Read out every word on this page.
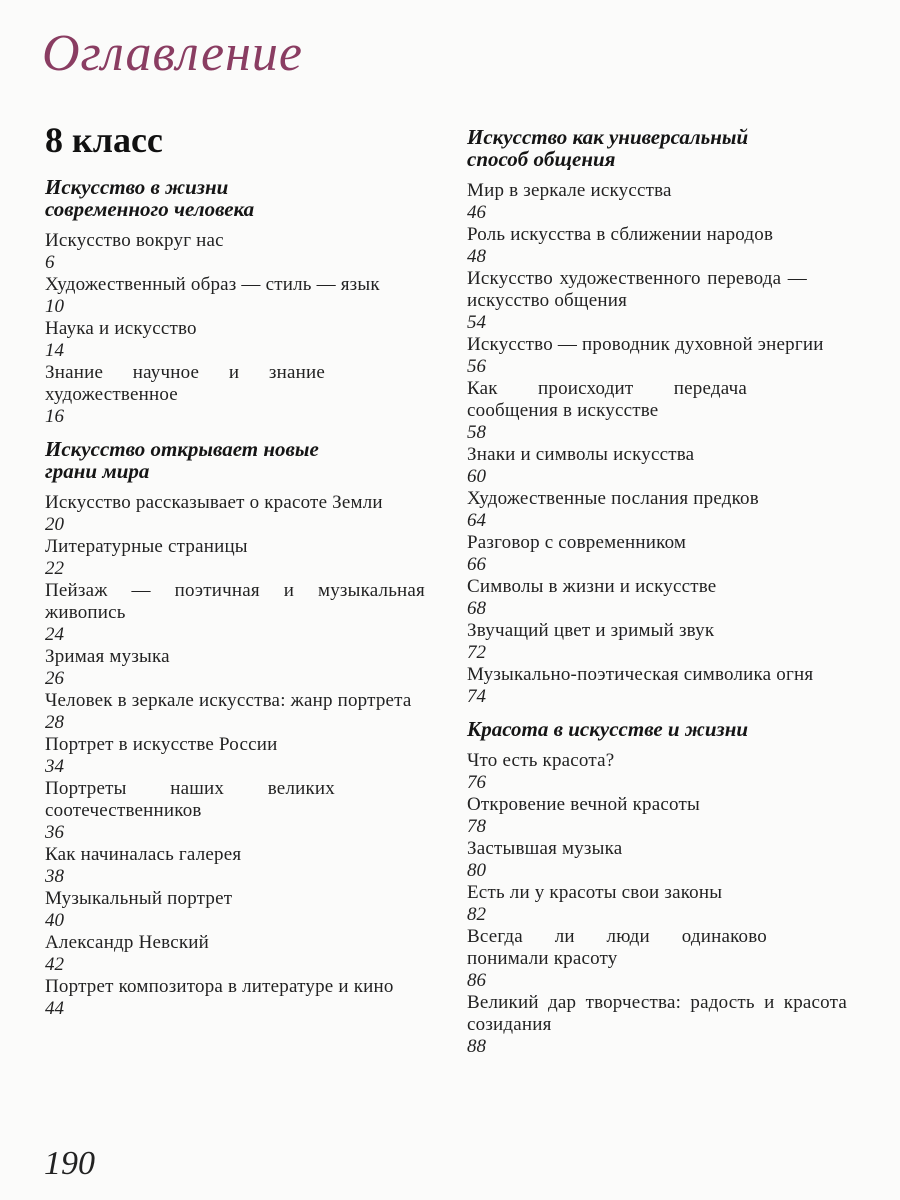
Оглавление
8 класс
Искусство в жизни современного человека
Искусство вокруг нас
6
Художественный образ — стиль — язык
10
Наука и искусство
14
Знание научное и знание художественное
16
Искусство открывает новые грани мира
Искусство рассказывает о красоте Земли
20
Литературные страницы
22
Пейзаж — поэтичная и музыкальная живопись
24
Зримая музыка
26
Человек в зеркале искусства: жанр портрета
28
Портрет в искусстве России
34
Портреты наших великих соотечественников
36
Как начиналась галерея
38
Музыкальный портрет
40
Александр Невский
42
Портрет композитора в литературе и кино
44
Искусство как универсальный способ общения
Мир в зеркале искусства
46
Роль искусства в сближении народов
48
Искусство художественного перевода — искусство общения
54
Искусство — проводник духовной энергии
56
Как происходит передача сообщения в искусстве
58
Знаки и символы искусства
60
Художественные послания предков
64
Разговор с современником
66
Символы в жизни и искусстве
68
Звучащий цвет и зримый звук
72
Музыкально-поэтическая символика огня
74
Красота в искусстве и жизни
Что есть красота?
76
Откровение вечной красоты
78
Застывшая музыка
80
Есть ли у красоты свои законы
82
Всегда ли люди одинаково понимали красоту
86
Великий дар творчества: радость и красота созидания
88
190
